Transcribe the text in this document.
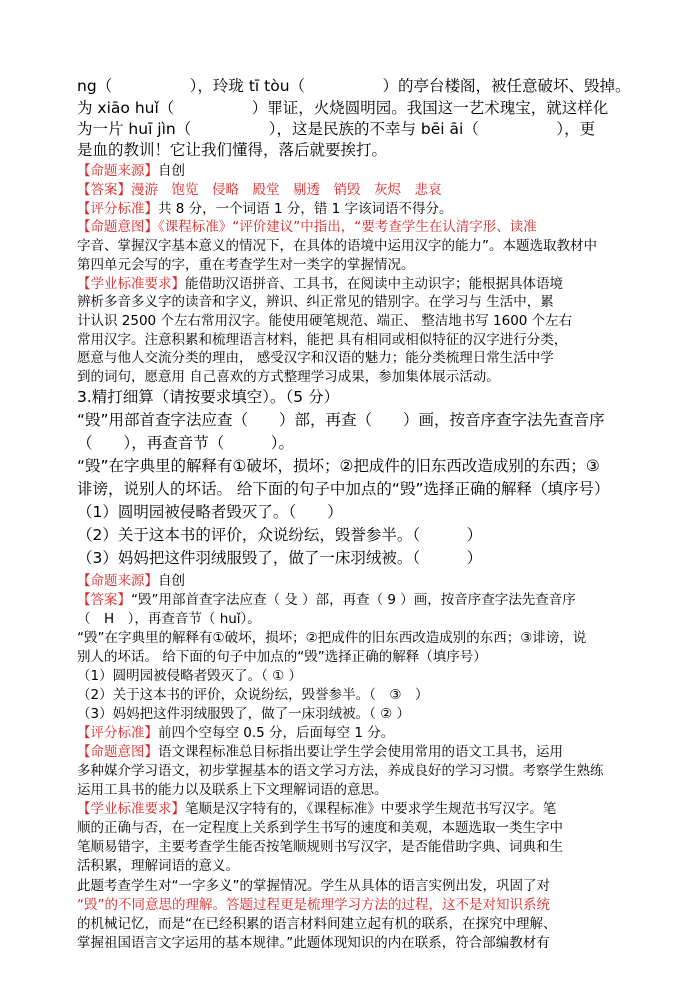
ng（　　　　　），玲珑 tī tòu（　　　　　）的亭台楼阁，被任意破坏、毁掉。
为 xiāo huǐ（　　　　　）罪证，火烧圆明园。我国这一艺术瑰宝，就这样化
为一片 huī jìn（　　　　　），这是民族的不幸与 bēi āi（　　　　　），更
是血的教训！它让我们懂得，落后就要挨打。
【命题来源】自创
【答案】漫游　饱览　侵略　殿堂　剔透　销毁　灰烬　悲哀
【评分标准】共 8 分，一个词语 1 分，错 1 字该词语不得分。
【命题意图】《课程标准》“评价建议”中指出，“要考查学生在认清字形、读准
字音、掌握汉字基本意义的情况下，在具体的语境中运用汉字的能力”。本题选取教材中
第四单元会写的字，重在考查学生对一类字的掌握情况。
【学业标准要求】能借助汉语拼音、工具书，在阅读中主动识字；能根据具体语境
辨析多音多义字的读音和字义，辨识、纠正常见的错别字。在学习与 生活中，累
计认识 2500 个左右常用汉字。能使用硬笔规范、端正、 整洁地书写 1600 个左右
常用汉字。注意积累和梳理语言材料，能把 具有相同或相似特征的汉字进行分类，
愿意与他人交流分类的理由， 感受汉字和汉语的魅力；能分类梳理日常生活中学
到的词句，愿意用 自己喜欢的方式整理学习成果，参加集体展示活动。
3.精打细算（请按要求填空）。（5 分）
“毁”用部首查字法应查（　　）部，再查（　　）画，按音序查字法先查音序
（　　），再查音节（　　　）。
“毁”在字典里的解释有①破坏，损坏；②把成件的旧东西改造成别的东西；③
诽谤，说别人的坏话。 给下面的句子中加点的“毁”选择正确的解释（填序号）
（1）圆明园被侵略者毁灭了。（　　）
（2）关于这本书的评价，众说纷纭，毁誉参半。（　　　）
（3）妈妈把这件羽绒服毁了，做了一床羽绒被。（　　　）
【命题来源】自创
【答案】“毁”用部首查字法应查（ 殳 ）部，再查（ 9 ）画，按音序查字法先查音序
（　H　），再查音节（ huǐ）。
“毁”在字典里的解释有①破坏，损坏；②把成件的旧东西改造成别的东西；③诽谤，说
别人的坏话。 给下面的句子中加点的“毁”选择正确的解释（填序号）
（1）圆明园被侵略者毁灭了。（ ① ）
（2）关于这本书的评价，众说纷纭，毁誉参半。（　③　）
（3）妈妈把这件羽绒服毁了，做了一床羽绒被。（ ② ）
【评分标准】前四个空每空 0.5 分，后面每空 1 分。
【命题意图】语文课程标准总目标指出要让学生学会使用常用的语文工具书，运用
多种媒介学习语文，初步掌握基本的语文学习方法，养成良好的学习习惯。考察学生熟练
运用工具书的能力以及联系上下文理解词语的意思。
【学业标准要求】笔顺是汉字特有的，《课程标准》中要求学生规范书写汉字。笔
顺的正确与否，在一定程度上关系到学生书写的速度和美观，本题选取一类生字中
笔顺易错字，主要考查学生能否按笔顺规则书写汉字，是否能借助字典、词典和生
活积累，理解词语的意义。
此题考查学生对“一字多义”的掌握情况。学生从具体的语言实例出发，巩固了对
“毁”的不同意思的理解。答题过程更是梳理学习方法的过程，这不是对知识系统
的机械记忆，而是“在已经积累的语言材料间建立起有机的联系，在探究中理解、
掌握祖国语言文字运用的基本规律。”此题体现知识的内在联系，符合部编教材有
